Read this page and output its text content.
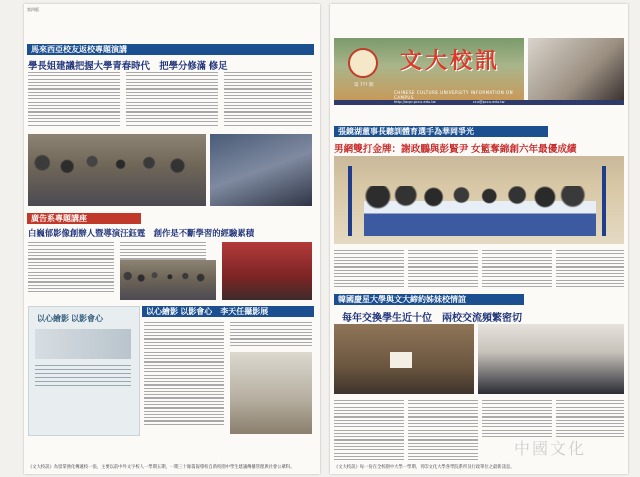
第四版
馬來西亞校友返校專題演講
學長姐建議把握大學青春時代　把學分修滿 修足
廣告系專題講座
白巍郁影像創辦人暨導演汪鈺霆　創作是不斷學習的經驗累積
以心繪影 以影會心
以心繪影 以影會心　李天任攝影展
《文大校訊》為留掌強化傳遞校一張，主要以前中外文字校人一學期五期，一期三十餘篇報導校自新校園中學生建議傳播管理與社會公眾科。
文大校訊
第 7?? 期
CHINESE CULTURE UNIVERSITY INFORMATION ON CAMPUS
http://ocpr.pccu.edu.tw	ccu@pccu.edu.tw
張鏡湖董事長聽訓體育選手為華岡爭光
男網雙打金牌：謝政鵬與彭賢尹 女籃奪錦創六年最優成績
韓國慶星大學與文大締約姊妹校情誼
每年交換學生近十位　兩校交流頻繁密切
《文大校訊》每一份在全校園中大學一學期，刊印文化大學各學院系所及行政單位之最新訊息。
中國文化
